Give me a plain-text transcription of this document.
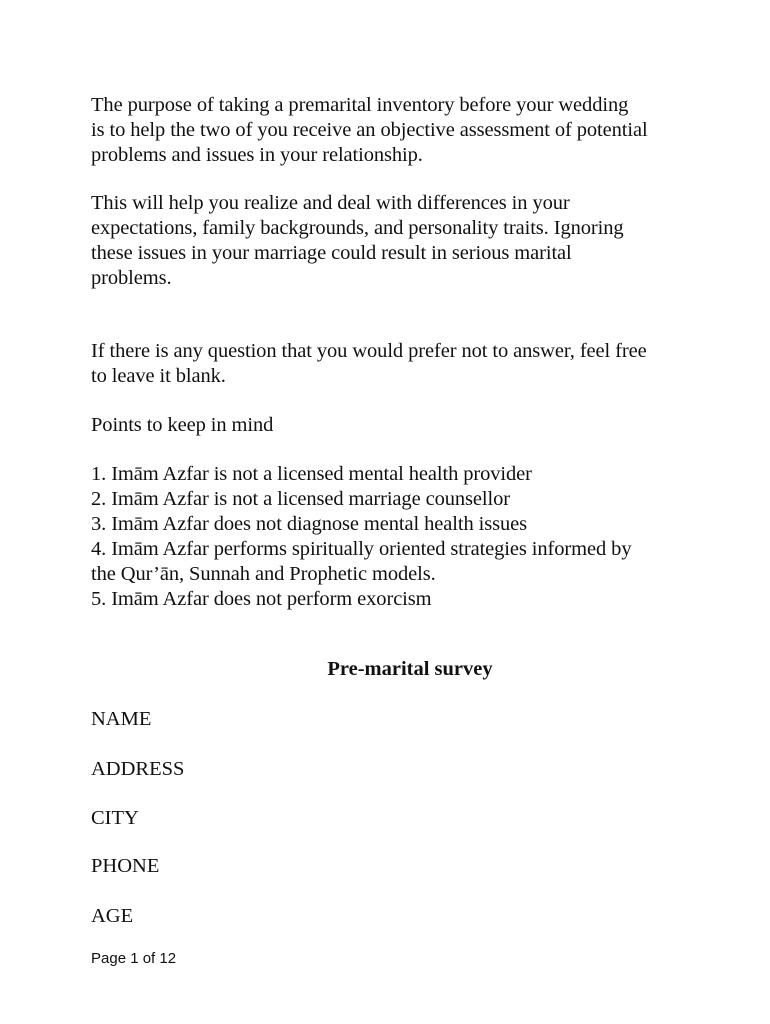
The purpose of taking a premarital inventory before your wedding
is to help the two of you receive an objective assessment of potential
problems and issues in your relationship.

This will help you realize and deal with differences in your
expectations, family backgrounds, and personality traits. Ignoring
these issues in your marriage could result in serious marital
problems.

If there is any question that you would prefer not to answer, feel free
to leave it blank.

Points to keep in mind

1. Imām Azfar is not a licensed mental health provider
2. Imām Azfar is not a licensed marriage counsellor
3. Imām Azfar does not diagnose mental health issues
4. Imām Azfar performs spiritually oriented strategies informed by
the Qur’ān, Sunnah and Prophetic models.
5. Imām Azfar does not perform exorcism
Pre-marital survey

NAME

ADDRESS

CITY

PHONE

AGE

Page 1 of 12
